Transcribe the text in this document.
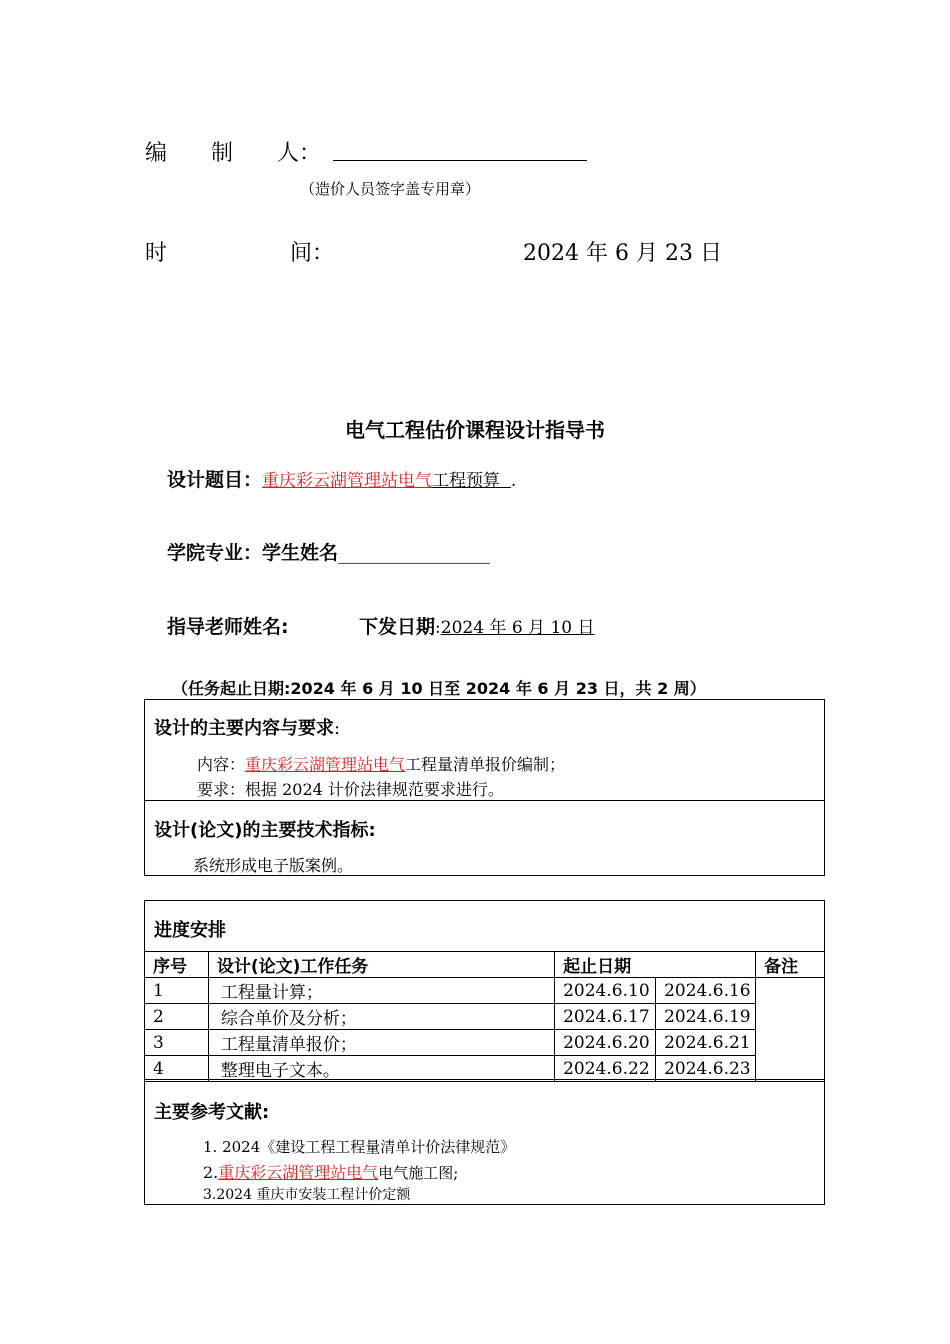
编　　制　　人：
（造价人员签字盖专用章）
时	间：	2024 年 6 月 23 日
电气工程估价课程设计指导书
设计题目：重庆彩云湖管理站电气工程预算 .
学院专业：学生姓名________________
指导老师姓名:	下发日期:2024 年 6 月 10 日
（任务起止日期:2024 年 6 月 10 日至 2024 年 6 月 23 日，共 2 周）
设计的主要内容与要求:
内容：重庆彩云湖管理站电气工程量清单报价编制；
要求：根据 2024 计价法律规范要求进行。
设计(论文)的主要技术指标:
系统形成电子版案例。
进度安排
序号	设计(论文)工作任务	起止日期		备注
1	工程量计算；	2024.6.10	2024.6.16	
2	综合单价及分析；	2024.6.17	2024.6.19	
3	工程量清单报价；	2024.6.20	2024.6.21	
4	整理电子文本。	2024.6.22	2024.6.23	
主要参考文献:
1. 2024《建设工程工程量清单计价法律规范》
2.重庆彩云湖管理站电气电气施工图;
3.2024 重庆市安装工程计价定额
